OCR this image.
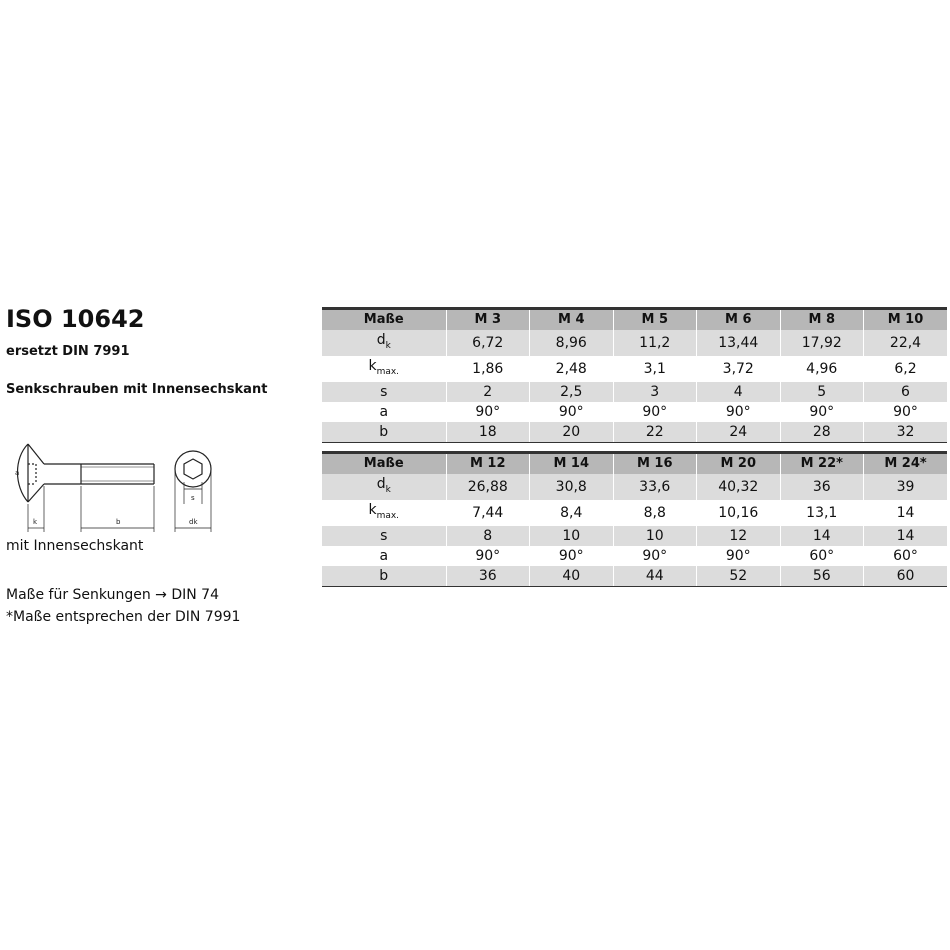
ISO 10642
ersetzt DIN 7991
Senkschrauben mit Innensechskant
a
k	b
s
dk
mit Innensechskant
Maße für Senkungen → DIN 74
*Maße entsprechen der DIN 7991
Maße	M 3	M 4	M 5	M 6	M 8	M 10
$d_k$	6,72	8,96	11,2	13,44	17,92	22,4
$k_{max.}$	1,86	2,48	3,1	3,72	4,96	6,2
s	2	2,5	3	4	5	6
a	90°	90°	90°	90°	90°	90°
b	18	20	22	24	28	32
Maße	M 12	M 14	M 16	M 20	M 22*	M 24*
$d_k$	26,88	30,8	33,6	40,32	36	39
$k_{max.}$	7,44	8,4	8,8	10,16	13,1	14
s	8	10	10	12	14	14
a	90°	90°	90°	90°	60°	60°
b	36	40	44	52	56	60
